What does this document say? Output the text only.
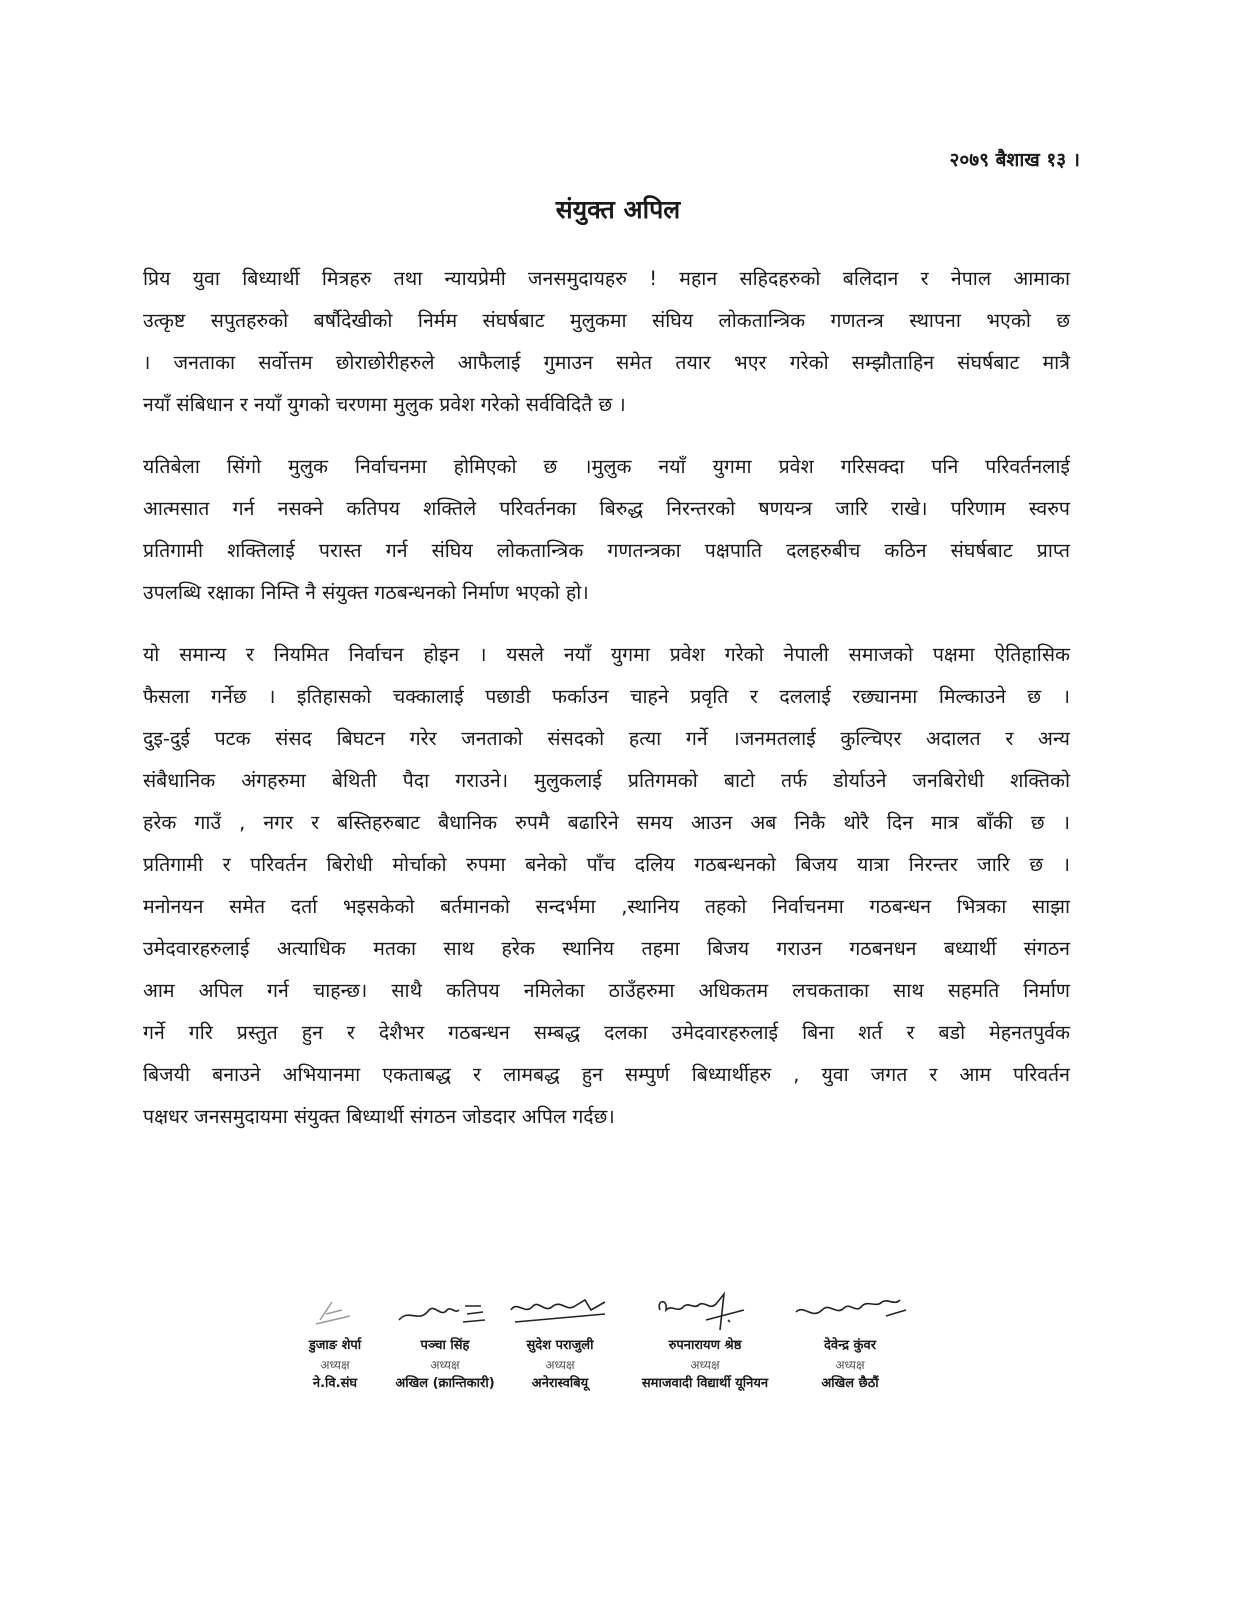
२०७९ बैशाख १३ ।
संयुक्त अपिल

प्रिय युवा बिध्यार्थी मित्रहरु तथा न्यायप्रेमी जनसमुदायहरु ! महान सहिदहरुको बलिदान र नेपाल आमाका
उत्कृष्ट सपुतहरुको बर्षौदेखीको निर्मम संघर्षबाट मुलुकमा संघिय लोकतान्त्रिक गणतन्त्र स्थापना भएको छ
। जनताका सर्वोत्तम छोराछोरीहरुले आफैलाई गुमाउन समेत तयार भएर गरेको सम्झौताहिन संघर्षबाट मात्रै
नयाँ संबिधान र नयाँ युगको चरणमा मुलुक प्रवेश गरेको सर्वविदितै छ ।

यतिबेला सिंगो मुलुक निर्वाचनमा होमिएको छ ।मुलुक नयाँ युगमा प्रवेश गरिसक्दा पनि परिवर्तनलाई
आत्मसात गर्न नसक्ने कतिपय शक्तिले परिवर्तनका बिरुद्ध निरन्तरको षणयन्त्र जारि राखे। परिणाम स्वरुप
प्रतिगामी शक्तिलाई परास्त गर्न संघिय लोकतान्त्रिक गणतन्त्रका पक्षपाति दलहरुबीच कठिन संघर्षबाट प्राप्त
उपलब्धि रक्षाका निम्ति नै संयुक्त गठबन्धनको निर्माण भएको हो।

यो समान्य र नियमित निर्वाचन होइन । यसले नयाँ युगमा प्रवेश गरेको नेपाली समाजको पक्षमा ऐतिहासिक
फैसला गर्नेछ । इतिहासको चक्कालाई पछाडी फर्काउन चाहने प्रवृति र दललाई रछ्यानमा मिल्काउने छ ।
दुइ-दुई पटक संसद बिघटन गरेर जनताको संसदको हत्या गर्ने ।जनमतलाई कुल्चिएर अदालत र अन्य
संबैधानिक अंगहरुमा बेथिती पैदा गराउने। मुलुकलाई प्रतिगमको बाटो तर्फ डोर्याउने जनबिरोधी शक्तिको
हरेक गाउँ , नगर र बस्तिहरुबाट बैधानिक रुपमै बढारिने समय आउन अब निकै थोरै दिन मात्र बाँकी छ ।
प्रतिगामी र परिवर्तन बिरोधी मोर्चाको रुपमा बनेको पाँच दलिय गठबन्धनको बिजय यात्रा निरन्तर जारि छ ।
मनोनयन समेत दर्ता भइसकेको बर्तमानको सन्दर्भमा ,स्थानिय तहको निर्वाचनमा गठबन्धन भित्रका साझा
उमेदवारहरुलाई अत्याधिक मतका साथ हरेक स्थानिय तहमा बिजय गराउन गठबनधन बध्यार्थी संगठन
आम अपिल गर्न चाहन्छ। साथै कतिपय नमिलेका ठाउँहरुमा अधिकतम लचकताका साथ सहमति निर्माण
गर्ने गरि प्रस्तुत हुन र देशैभर गठबन्धन सम्बद्ध दलका उमेदवारहरुलाई बिना शर्त र बडो मेहनतपुर्वक
बिजयी बनाउने अभियानमा एकताबद्ध र लामबद्ध हुन सम्पुर्ण बिध्यार्थीहरु , युवा जगत र आम परिवर्तन
पक्षधर जनसमुदायमा संयुक्त बिध्यार्थी संगठन जोडदार अपिल गर्दछ।

डुजाङ शेर्पा
अध्यक्ष
ने.वि.संघ
पञ्चा सिंह
अध्यक्ष
अखिल (क्रान्तिकारी)
सुदेश पराजुली
अध्यक्ष
अनेरास्वबियू
रुपनारायण श्रेष्ठ
अध्यक्ष
समाजवादी विद्यार्थी यूनियन
देवेन्द्र कुंवर
अध्यक्ष
अखिल छैठौं
